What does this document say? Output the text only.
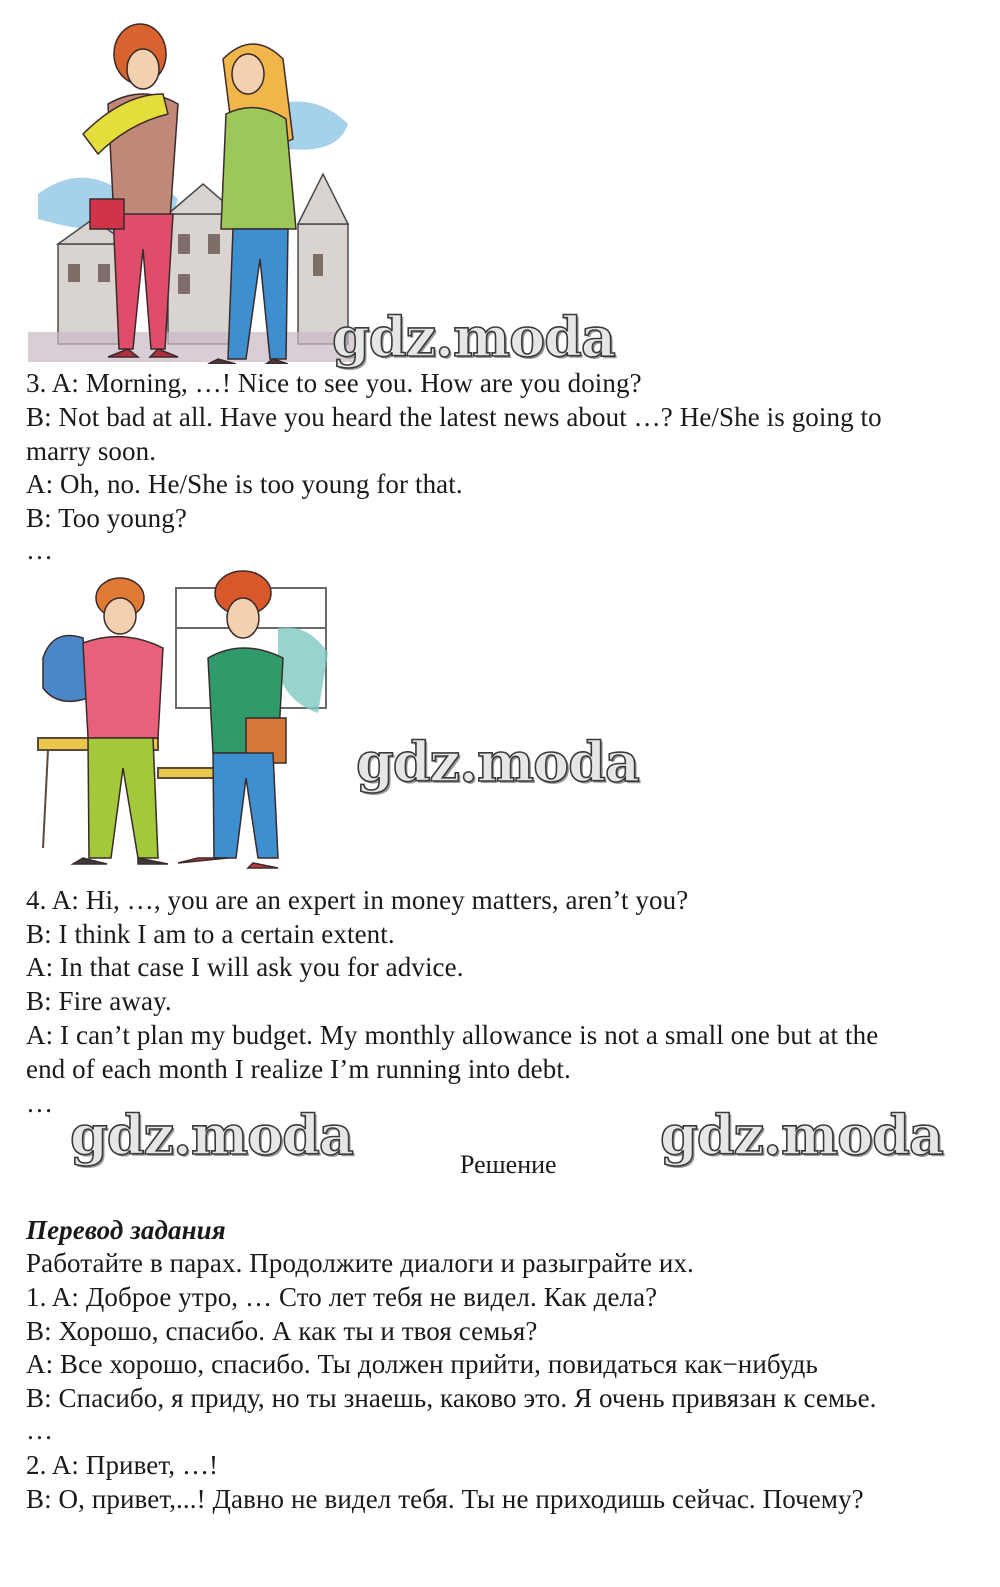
gdz.moda
gdz.moda
gdz.moda	gdz.moda
3. A: Morning, …! Nice to see you. How are you doing?
B: Not bad at all. Have you heard the latest news about …? He/She is going to
marry soon.
A: Oh, no. He/She is too young for that.
B: Too young?
…
4. A: Hi, …, you are an expert in money matters, aren’t you?
B: I think I am to a certain extent.
A: In that case I will ask you for advice.
B: Fire away.
A: I can’t plan my budget. My monthly allowance is not a small one but at the
end of each month I realize I’m running into debt.
…
Решение
Перевод задания
Работайте в парах. Продолжите диалоги и разыграйте их.
1. A: Доброе утро, … Сто лет тебя не видел. Как дела?
B: Хорошо, спасибо. А как ты и твоя семья?
A: Все хорошо, спасибо. Ты должен прийти, повидаться как−нибудь
B: Спасибо, я приду, но ты знаешь, каково это. Я очень привязан к семье.
…
2. A: Привет, …!
B: О, привет,...! Давно не видел тебя. Ты не приходишь сейчас. Почему?
